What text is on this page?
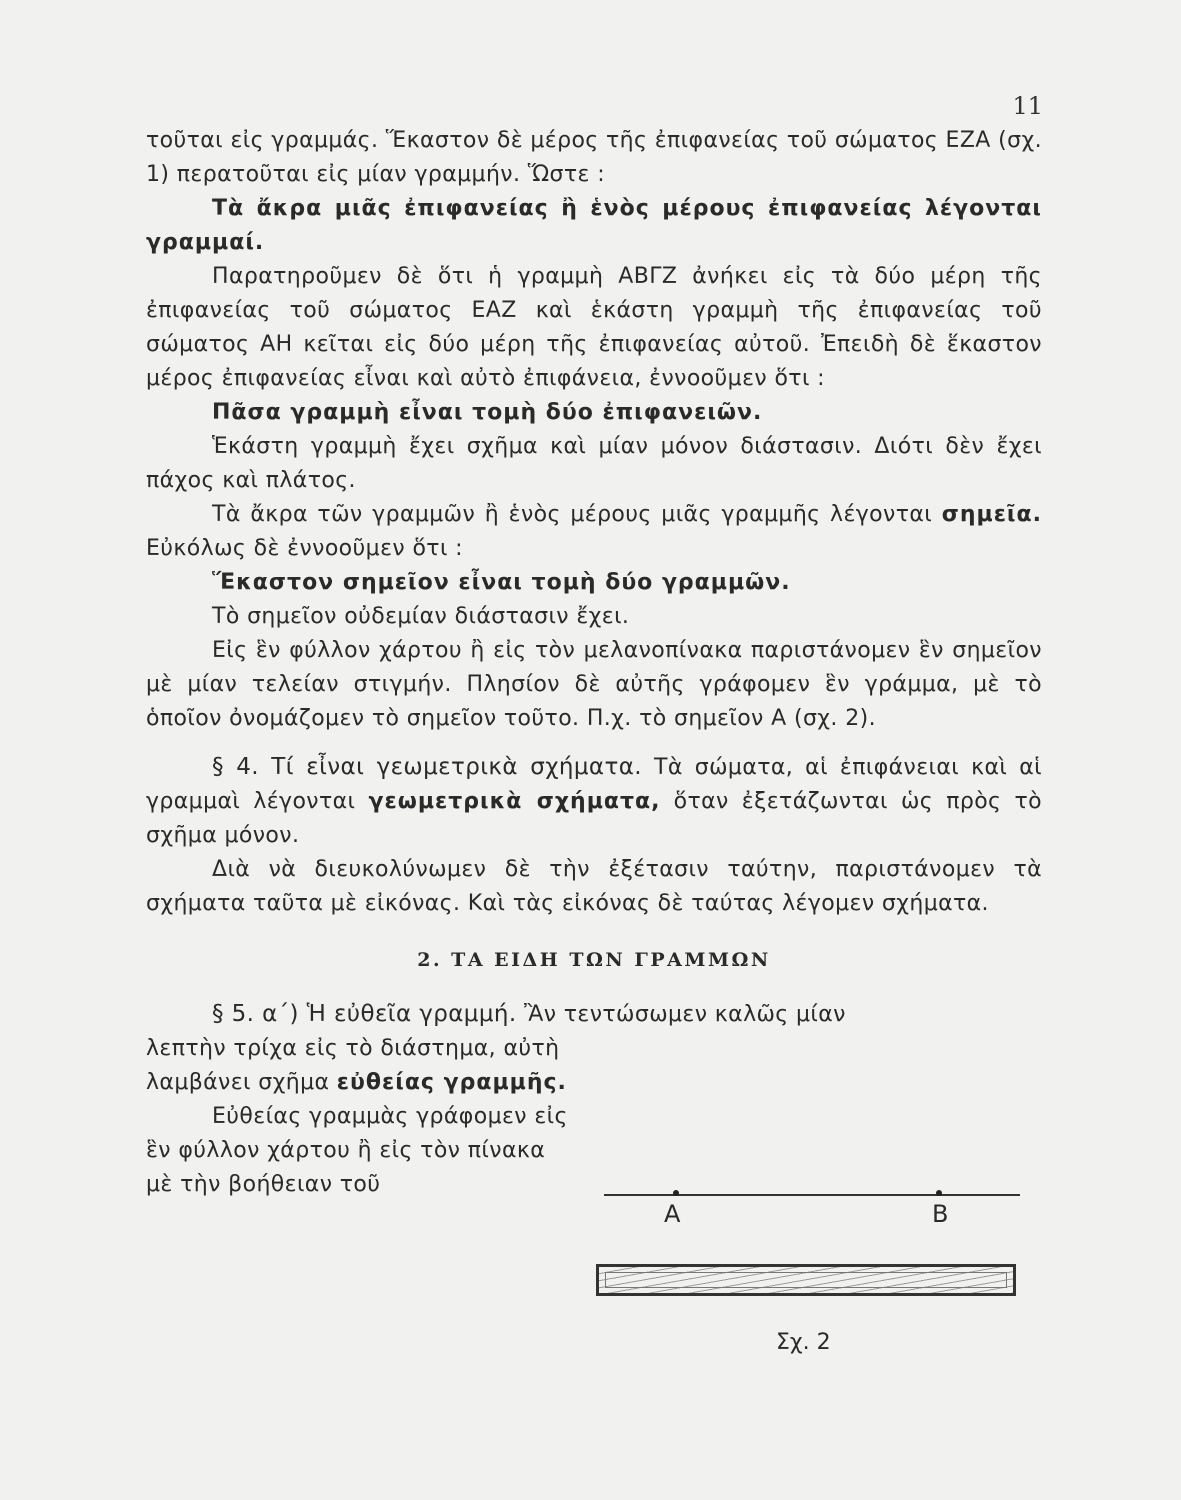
11

τοῦται εἰς γραμμάς. Ἕκαστον δὲ μέρος τῆς ἐπιφανείας τοῦ σώματος ΕΖΑ (σχ. 1) περατοῦται εἰς μίαν γραμμήν. Ὥστε :

Τὰ ἄκρα μιᾶς ἐπιφανείας ἢ ἑνὸς μέρους ἐπιφανείας λέγονται γραμμαί.

Παρατηροῦμεν δὲ ὅτι ἡ γραμμὴ ΑΒΓΖ ἀνήκει εἰς τὰ δύο μέρη τῆς ἐπιφανείας τοῦ σώματος ΕΑΖ καὶ ἑκάστη γραμμὴ τῆς ἐπιφανείας τοῦ σώματος ΑΗ κεῖται εἰς δύο μέρη τῆς ἐπιφανείας αὐτοῦ. Ἐπειδὴ δὲ ἕκαστον μέρος ἐπιφανείας εἶναι καὶ αὐτὸ ἐπιφάνεια, ἐννοοῦμεν ὅτι :

Πᾶσα γραμμὴ εἶναι τομὴ δύο ἐπιφανειῶν.

Ἑκάστη γραμμὴ ἔχει σχῆμα καὶ μίαν μόνον διάστασιν. Διότι δὲν ἔχει πάχος καὶ πλάτος.

Τὰ ἄκρα τῶν γραμμῶν ἢ ἑνὸς μέρους μιᾶς γραμμῆς λέγονται σημεῖα. Εὐκόλως δὲ ἐννοοῦμεν ὅτι :

Ἕκαστον σημεῖον εἶναι τομὴ δύο γραμμῶν.

Τὸ σημεῖον οὐδεμίαν διάστασιν ἔχει.

Εἰς ἓν φύλλον χάρτου ἢ εἰς τὸν μελανοπίνακα παριστάνομεν ἓν σημεῖον μὲ μίαν τελείαν στιγμήν. Πλησίον δὲ αὐτῆς γράφομεν ἓν γράμμα, μὲ τὸ ὁποῖον ὀνομάζομεν τὸ σημεῖον τοῦτο. Π.χ. τὸ σημεῖον Α (σχ. 2).

§ 4. Τί εἶναι γεωμετρικὰ σχήματα. Τὰ σώματα, αἱ ἐπιφάνειαι καὶ αἱ γραμμαὶ λέγονται γεωμετρικὰ σχήματα, ὅταν ἐξετάζωνται ὡς πρὸς τὸ σχῆμα μόνον.

Διὰ νὰ διευκολύνωμεν δὲ τὴν ἐξέτασιν ταύτην, παριστάνομεν τὰ σχήματα ταῦτα μὲ εἰκόνας. Καὶ τὰς εἰκόνας δὲ ταύτας λέγομεν σχήματα.

2. ΤΑ ΕΙΔΗ ΤΩΝ ΓΡΑΜΜΩΝ

§ 5. α΄) Ἡ εὐθεῖα γραμμή. Ἂν τεντώσωμεν καλῶς μίαν

λεπτὴν τρίχα εἰς τὸ διάστημα, αὐτὴ λαμβάνει σχῆμα εὐθείας γραμμῆς.

Εὐθείας γραμμὰς γράφομεν εἰς ἓν φύλλον χάρτου ἢ εἰς τὸν πίνακα μὲ τὴν βοήθειαν τοῦ

Α	Β
Σχ. 2
